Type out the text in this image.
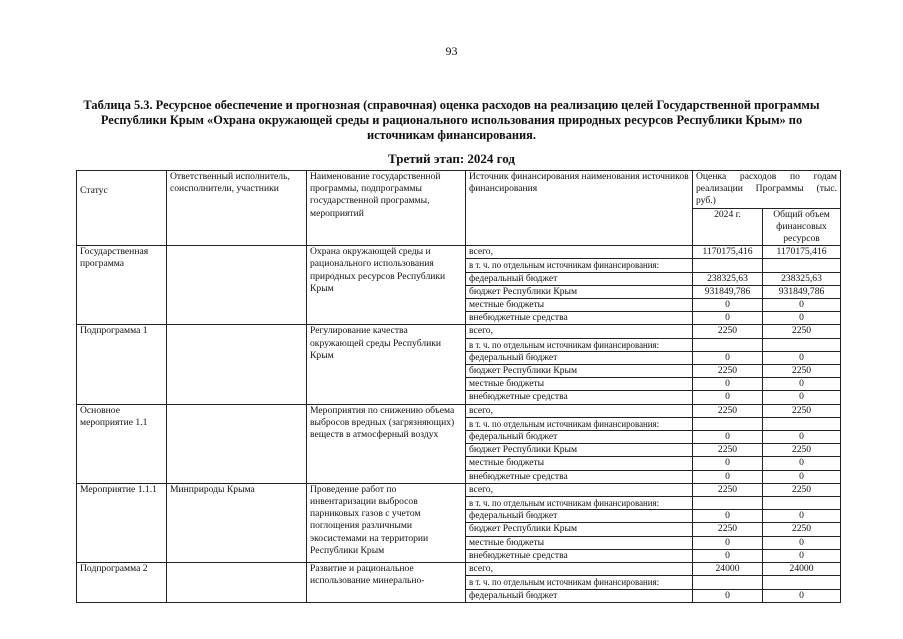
93
Таблица 5.3. Ресурсное обеспечение и прогнозная (справочная) оценка расходов на реализацию целей Государственной программы Республики Крым «Охрана окружающей среды и рационального использования природных ресурсов Республики Крым» по источникам финансирования.
Третий этап: 2024 год
Статус	Ответственный исполнитель, соисполнители, участники	Наименование государственной программы, подпрограммы государственной программы, мероприятий	Источник финансирования наименования источников финансирования	Оценка расходов по годам реализации Программы (тыс. руб.)	
				2024 г.	Общий объем финансовых ресурсов
Государственная программа		Охрана окружающей среды и рационального использования природных ресурсов Республики Крым	всего,	1170175,416	1170175,416
			в т. ч. по отдельным источникам финансирования:		
			федеральный бюджет	238325,63	238325,63
			бюджет Республики Крым	931849,786	931849,786
			местные бюджеты	0	0
			внебюджетные средства	0	0
Подпрограмма 1		Регулирование качества окружающей среды Республики Крым	всего,	2250	2250
			в т. ч. по отдельным источникам финансирования:		
			федеральный бюджет	0	0
			бюджет Республики Крым	2250	2250
			местные бюджеты	0	0
			внебюджетные средства	0	0
Основное мероприятие 1.1		Мероприятия по снижению объема выбросов вредных (загрязняющих) веществ в атмосферный воздух	всего,	2250	2250
			в т. ч. по отдельным источникам финансирования:		
			федеральный бюджет	0	0
			бюджет Республики Крым	2250	2250
			местные бюджеты	0	0
			внебюджетные средства	0	0
Мероприятие 1.1.1	Минприроды Крыма	Проведение работ по инвентаризации выбросов парниковых газов с учетом поглощения различными экосистемами на территории Республики Крым	всего,	2250	2250
			в т. ч. по отдельным источникам финансирования:		
			федеральный бюджет	0	0
			бюджет Республики Крым	2250	2250
			местные бюджеты	0	0
			внебюджетные средства	0	0
Подпрограмма 2		Развитие и рациональное использование минерально-	всего,	24000	24000
			в т. ч. по отдельным источникам финансирования:		
			федеральный бюджет	0	0
